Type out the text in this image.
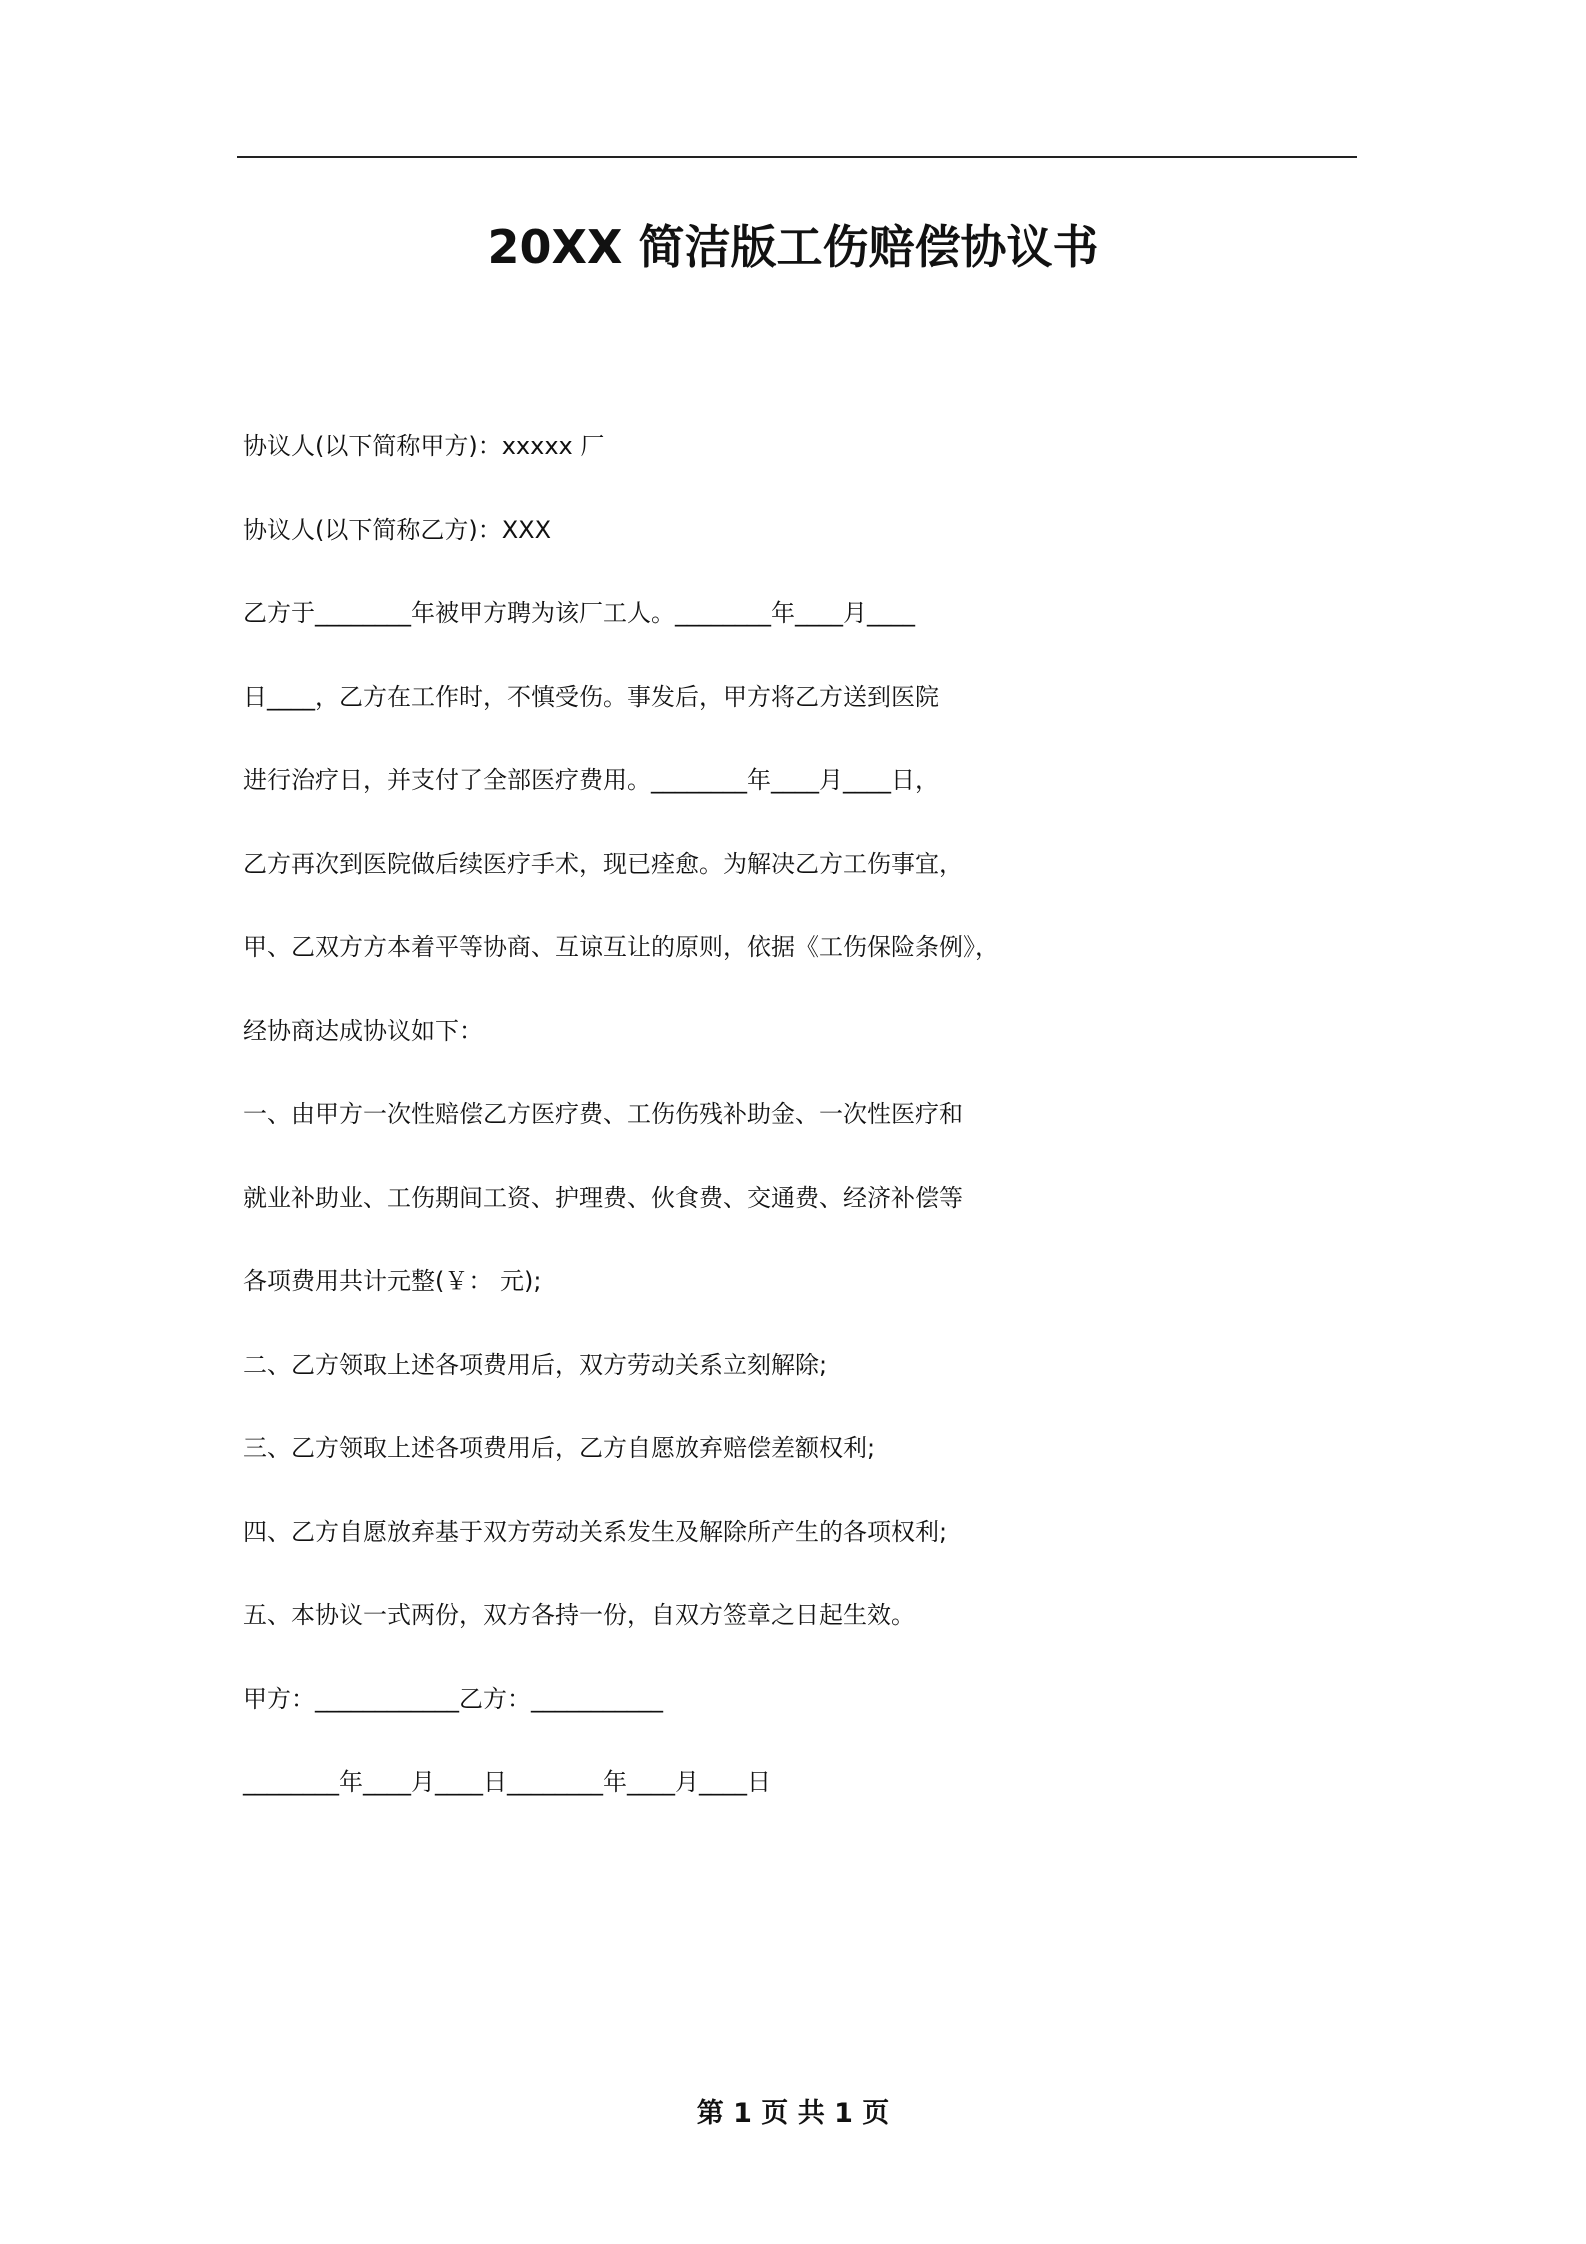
20XX 简洁版工伤赔偿协议书
协议人(以下简称甲方)：xxxxx 厂
协议人(以下简称乙方)：XXX
乙方于________年被甲方聘为该厂工人。________年____月____
日____，乙方在工作时，不慎受伤。事发后，甲方将乙方送到医院
进行治疗日，并支付了全部医疗费用。________年____月____日，
乙方再次到医院做后续医疗手术，现已痊愈。为解决乙方工伤事宜，
甲、乙双方方本着平等协商、互谅互让的原则，依据《工伤保险条例》，
经协商达成协议如下：
一、由甲方一次性赔偿乙方医疗费、工伤伤残补助金、一次性医疗和
就业补助业、工伤期间工资、护理费、伙食费、交通费、经济补偿等
各项费用共计元整(￥： 元);
二、乙方领取上述各项费用后，双方劳动关系立刻解除;
三、乙方领取上述各项费用后，乙方自愿放弃赔偿差额权利;
四、乙方自愿放弃基于双方劳动关系发生及解除所产生的各项权利;
五、本协议一式两份，双方各持一份，自双方签章之日起生效。
甲方：____________乙方：___________
________年____月____日________年____月____日
第 1 页 共 1 页
